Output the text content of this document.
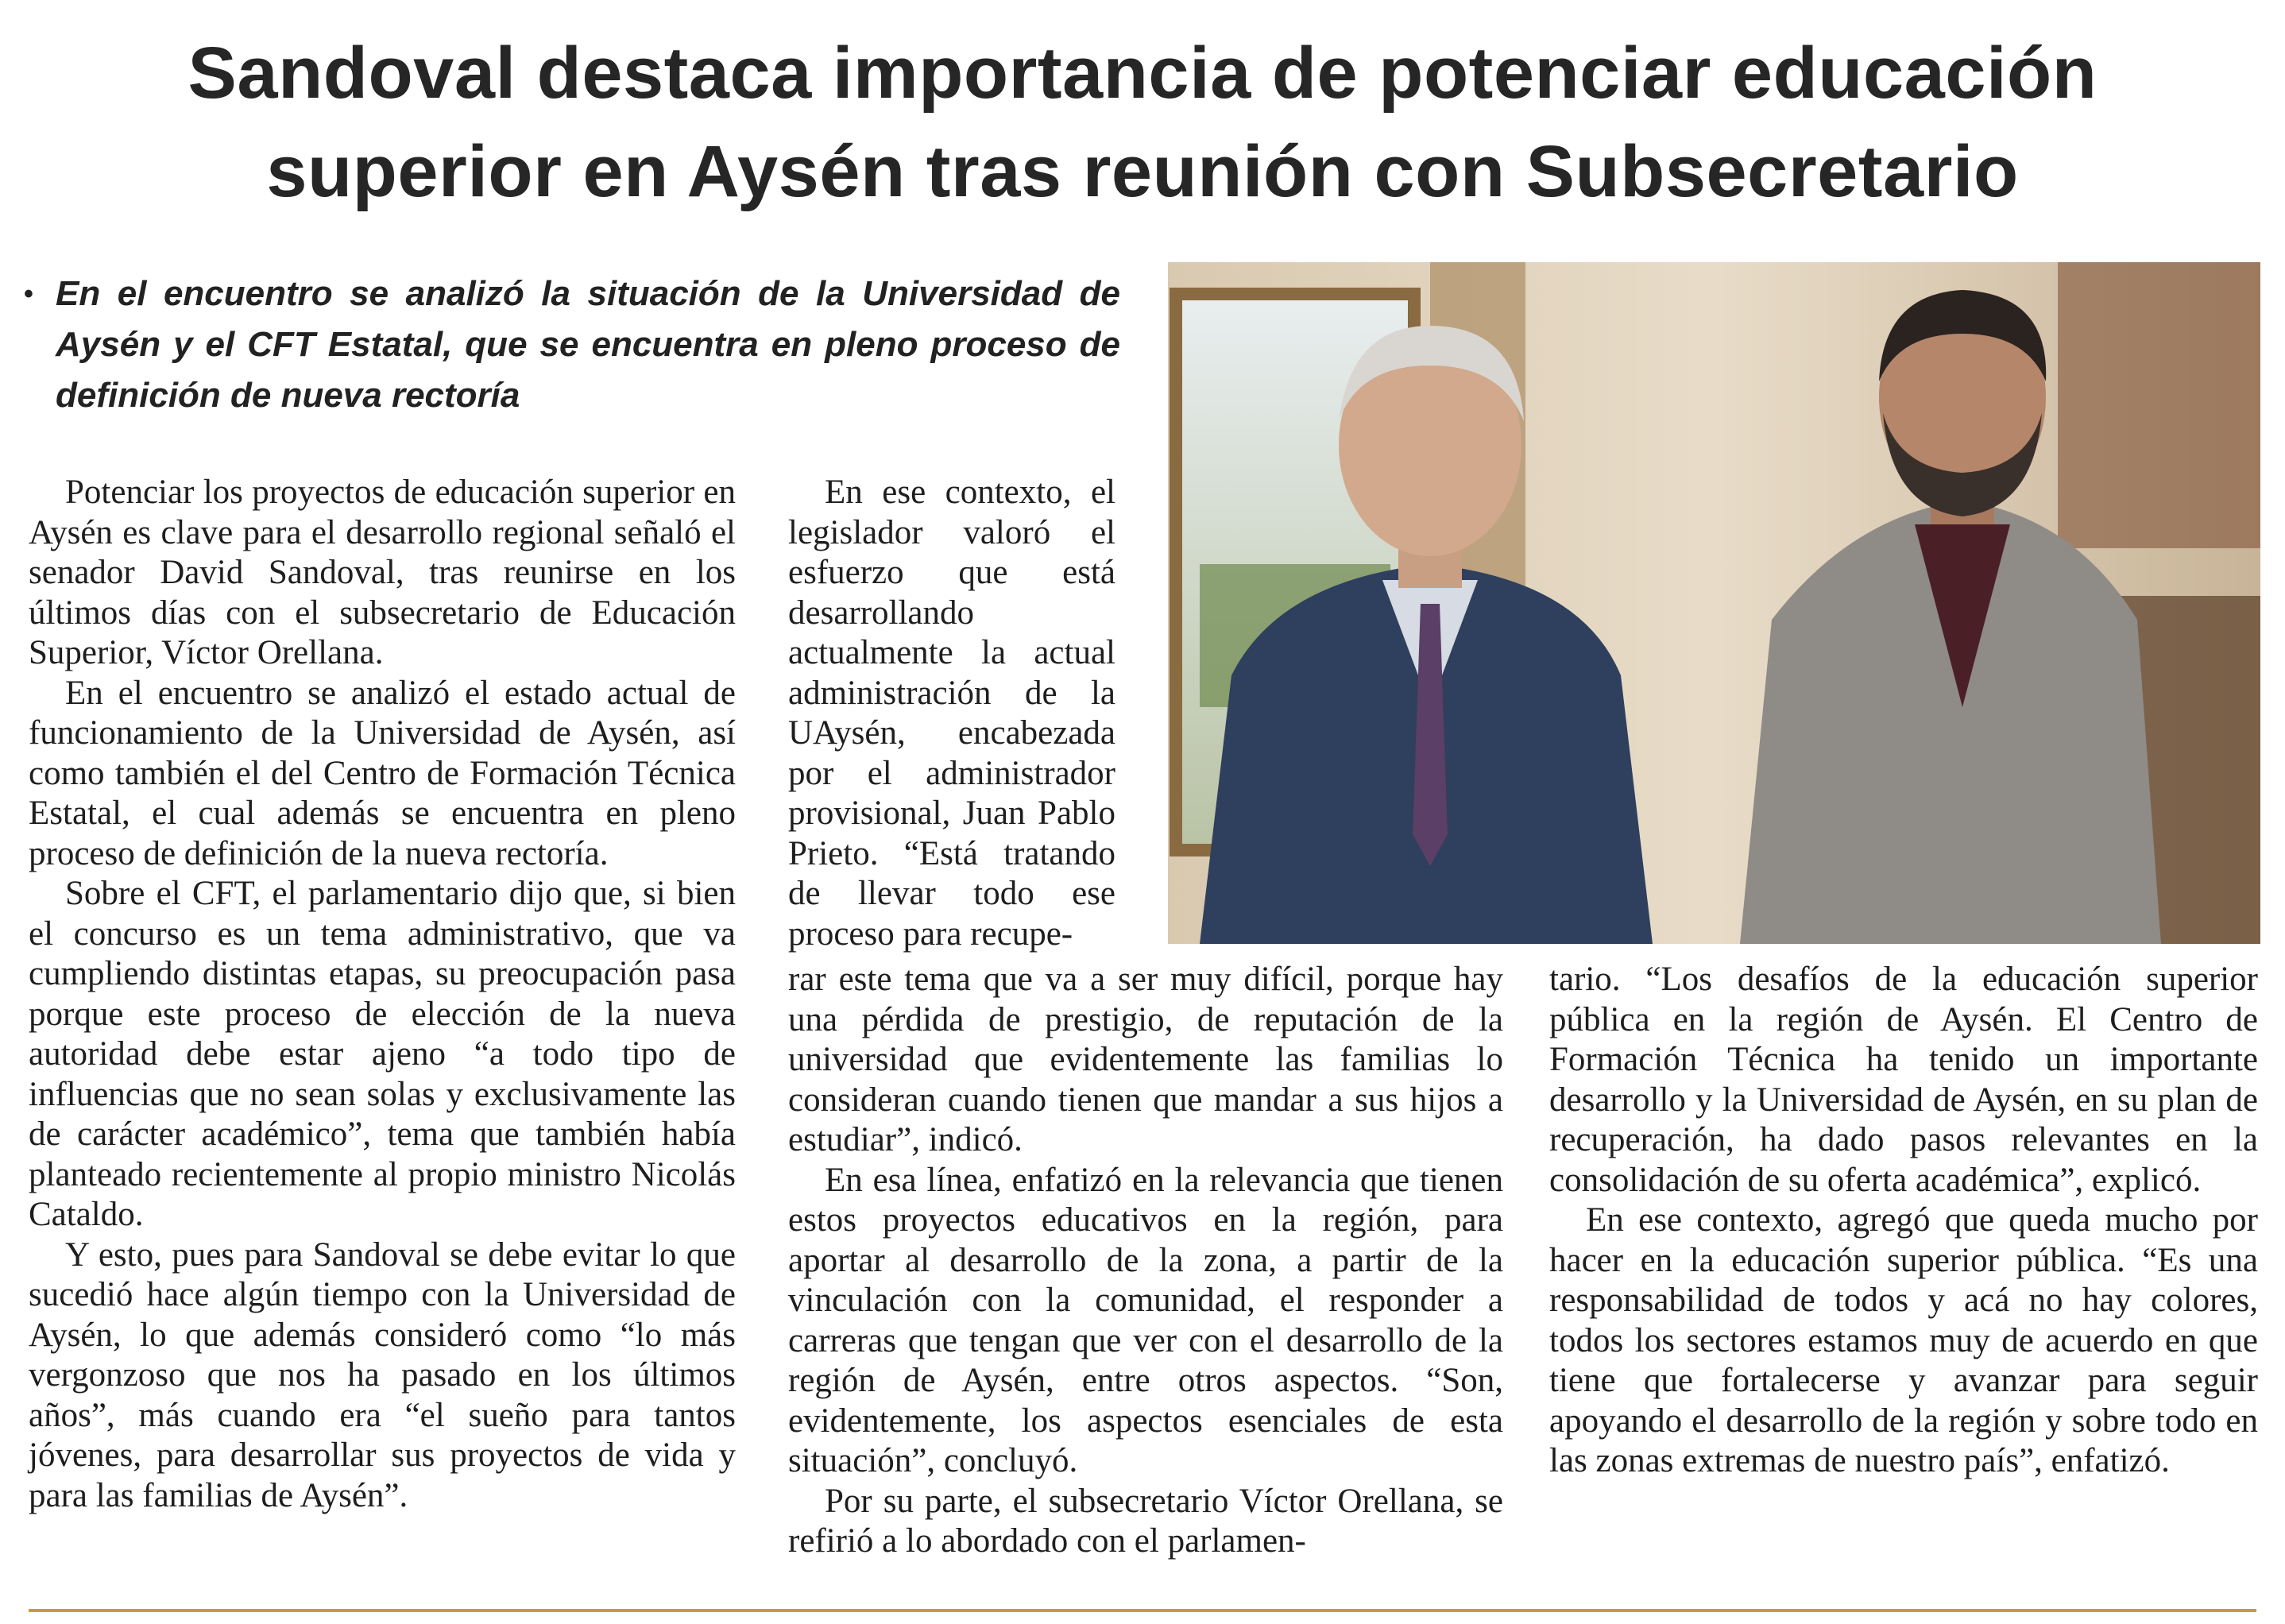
Sandoval destaca importancia de potenciar educación
superior en Aysén tras reunión con Subsecretario
• En el encuentro se analizó la situación de la Universidad de Aysén y el CFT Estatal, que se encuentra en pleno proceso de definición de nueva rectoría

Potenciar los proyectos de educación superior en Aysén es clave para el desarrollo regional señaló el senador David Sandoval, tras reunirse en los últimos días con el subsecretario de Educación Superior, Víctor Orellana.

En el encuentro se analizó el estado actual de funcionamiento de la Universidad de Aysén, así como también el del Centro de Formación Técnica Estatal, el cual además se encuentra en pleno proceso de definición de la nueva rectoría.

Sobre el CFT, el parlamentario dijo que, si bien el concurso es un tema administrativo, que va cumpliendo distintas etapas, su preocupación pasa porque este proceso de elección de la nueva autoridad debe estar ajeno “a todo tipo de influencias que no sean solas y exclusivamente las de carácter académico”, tema que también había planteado recientemente al propio ministro Nicolás Cataldo.

Y esto, pues para Sandoval se debe evitar lo que sucedió hace algún tiempo con la Universidad de Aysén, lo que además consideró como “lo más vergonzoso que nos ha pasado en los últimos años”, más cuando era “el sueño para tantos jóvenes, para desarrollar sus proyectos de vida y para las familias de Aysén”.

En ese contexto, el legislador valoró el esfuerzo que está desarrollando actualmente la actual administración de la UAysén, encabezada por el administrador provisional, Juan Pablo Prieto. “Está tratando de llevar todo ese proceso para recupe-

rar este tema que va a ser muy difícil, porque hay una pérdida de prestigio, de reputación de la universidad que evidentemente las familias lo consideran cuando tienen que mandar a sus hijos a estudiar”, indicó.

En esa línea, enfatizó en la relevancia que tienen estos proyectos educativos en la región, para aportar al desarrollo de la zona, a partir de la vinculación con la comunidad, el responder a carreras que tengan que ver con el desarrollo de la región de Aysén, entre otros aspectos. “Son, evidentemente, los aspectos esenciales de esta situación”, concluyó.

Por su parte, el subsecretario Víctor Orellana, se refirió a lo abordado con el parlamen-

tario. “Los desafíos de la educación superior pública en la región de Aysén. El Centro de Formación Técnica ha tenido un importante desarrollo y la Universidad de Aysén, en su plan de recuperación, ha dado pasos relevantes en la consolidación de su oferta académica”, explicó.

En ese contexto, agregó que queda mucho por hacer en la educación superior pública. “Es una responsabilidad de todos y acá no hay colores, todos los sectores estamos muy de acuerdo en que tiene que fortalecerse y avanzar para seguir apoyando el desarrollo de la región y sobre todo en las zonas extremas de nuestro país”, enfatizó.
